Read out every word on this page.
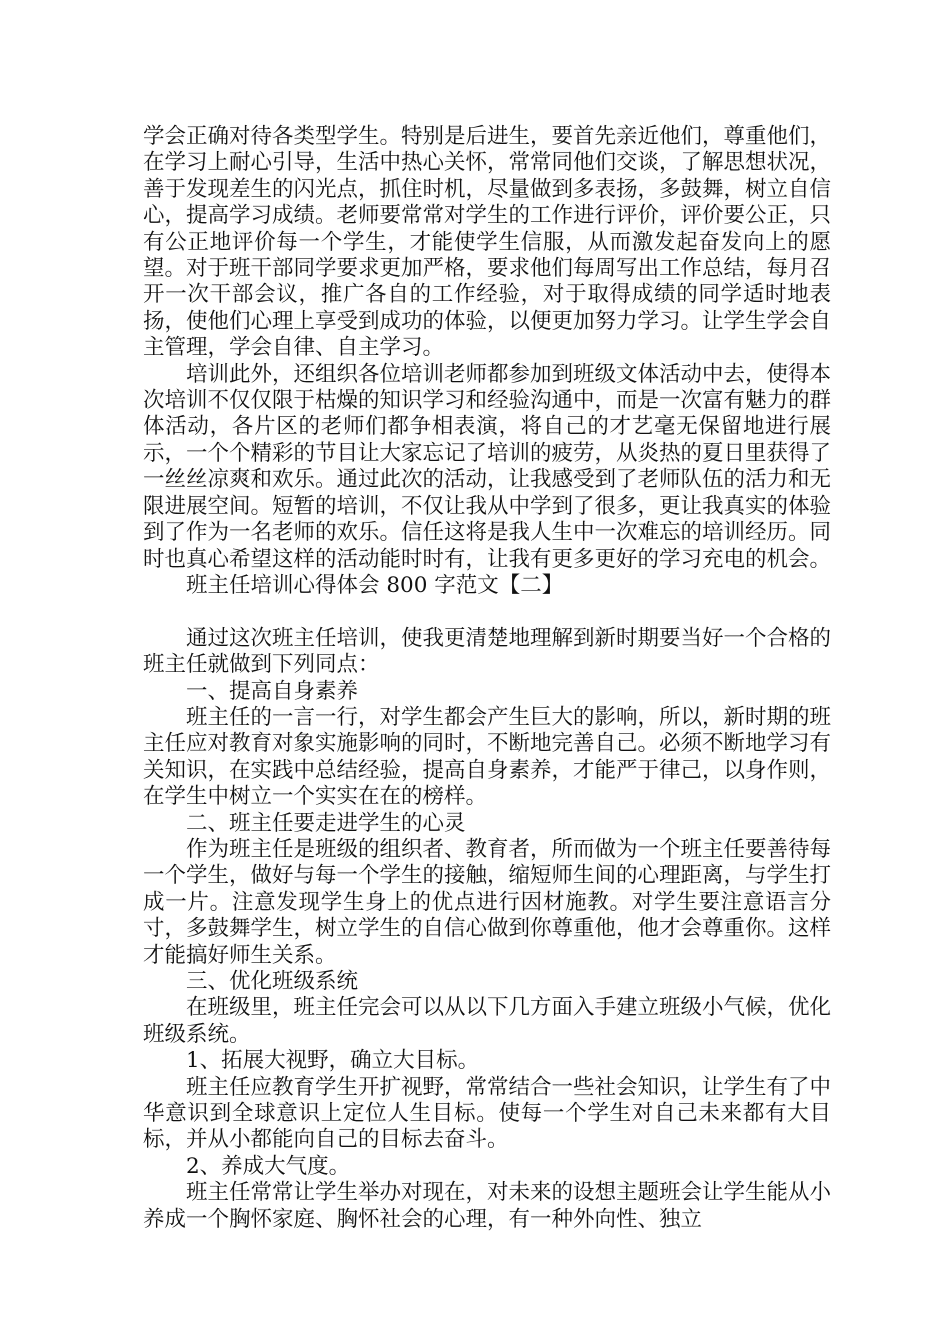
学会正确对待各类型学生。特别是后进生，要首先亲近他们，尊重他们，在学习上耐心引导，生活中热心关怀，常常同他们交谈，了解思想状况，善于发现差生的闪光点，抓住时机，尽量做到多表扬，多鼓舞，树立自信心，提高学习成绩。老师要常常对学生的工作进行评价，评价要公正，只有公正地评价每一个学生，才能使学生信服，从而激发起奋发向上的愿望。对于班干部同学要求更加严格，要求他们每周写出工作总结，每月召开一次干部会议，推广各自的工作经验，对于取得成绩的同学适时地表扬，使他们心理上享受到成功的体验，以便更加努力学习。让学生学会自主管理，学会自律、自主学习。

培训此外，还组织各位培训老师都参加到班级文体活动中去，使得本次培训不仅仅限于枯燥的知识学习和经验沟通中，而是一次富有魅力的群体活动，各片区的老师们都争相表演，将自己的才艺毫无保留地进行展示，一个个精彩的节目让大家忘记了培训的疲劳，从炎热的夏日里获得了一丝丝凉爽和欢乐。通过此次的活动，让我感受到了老师队伍的活力和无限进展空间。短暂的培训，不仅让我从中学到了很多，更让我真实的体验到了作为一名老师的欢乐。信任这将是我人生中一次难忘的培训经历。同时也真心希望这样的活动能时时有，让我有更多更好的学习充电的机会。

班主任培训心得体会 800 字范文【二】

通过这次班主任培训，使我更清楚地理解到新时期要当好一个合格的班主任就做到下列同点：

一、提高自身素养

班主任的一言一行，对学生都会产生巨大的影响，所以，新时期的班主任应对教育对象实施影响的同时，不断地完善自己。必须不断地学习有关知识，在实践中总结经验，提高自身素养，才能严于律己，以身作则，在学生中树立一个实实在在的榜样。

二、班主任要走进学生的心灵

作为班主任是班级的组织者、教育者，所而做为一个班主任要善待每一个学生，做好与每一个学生的接触，缩短师生间的心理距离，与学生打成一片。注意发现学生身上的优点进行因材施教。对学生要注意语言分寸，多鼓舞学生，树立学生的自信心做到你尊重他，他才会尊重你。这样才能搞好师生关系。

三、优化班级系统

在班级里，班主任完会可以从以下几方面入手建立班级小气候，优化班级系统。

1、拓展大视野，确立大目标。

班主任应教育学生开扩视野，常常结合一些社会知识，让学生有了中华意识到全球意识上定位人生目标。使每一个学生对自己未来都有大目标，并从小都能向自己的目标去奋斗。

2、养成大气度。

班主任常常让学生举办对现在，对未来的设想主题班会让学生能从小养成一个胸怀家庭、胸怀社会的心理，有一种外向性、独立
